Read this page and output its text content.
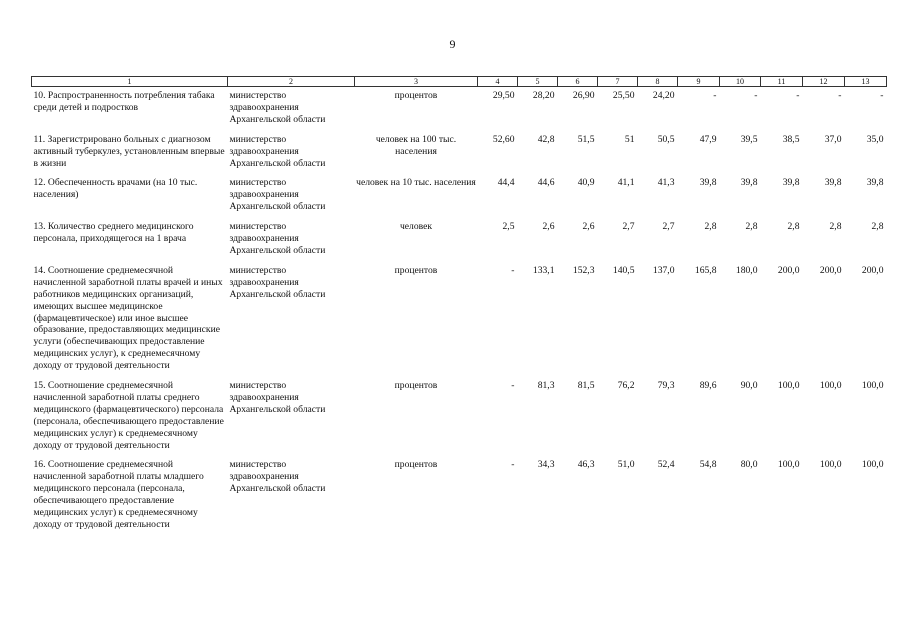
9
1	2	3	4	5	6	7	8	9	10	11	12	13
10. Распространенность потребления табака среди детей и подростков	министерство здравоохранения Архангельской области	процентов	29,50	28,20	26,90	25,50	24,20	-	-	-	-	-
11. Зарегистрировано больных с диагнозом активный туберкулез, установленным впервые в жизни	министерство здравоохранения Архангельской области	человек на 100 тыс. населения	52,60	42,8	51,5	51	50,5	47,9	39,5	38,5	37,0	35,0
12. Обеспеченность врачами (на 10 тыс. населения)	министерство здравоохранения Архангельской области	человек на 10 тыс. населения	44,4	44,6	40,9	41,1	41,3	39,8	39,8	39,8	39,8	39,8
13. Количество среднего медицинского персонала, приходящегося на 1 врача	министерство здравоохранения Архангельской области	человек	2,5	2,6	2,6	2,7	2,7	2,8	2,8	2,8	2,8	2,8
14. Соотношение среднемесячной начисленной заработной платы врачей и иных работников медицинских организаций, имеющих высшее медицинское (фармацевтическое) или иное высшее образование, предоставляющих медицинские услуги (обеспечивающих предоставление медицинских услуг), к среднемесячному доходу от трудовой деятельности	министерство здравоохранения Архангельской области	процентов	-	133,1	152,3	140,5	137,0	165,8	180,0	200,0	200,0	200,0
15. Соотношение среднемесячной начисленной заработной платы среднего медицинского (фармацевтического) персонала (персонала, обеспечивающего предоставление медицинских услуг) к среднемесячному доходу от трудовой деятельности	министерство здравоохранения Архангельской области	процентов	-	81,3	81,5	76,2	79,3	89,6	90,0	100,0	100,0	100,0
16. Соотношение среднемесячной начисленной заработной платы младшего медицинского персонала (персонала, обеспечивающего предоставление медицинских услуг) к среднемесячному доходу от трудовой деятельности	министерство здравоохранения Архангельской области	процентов	-	34,3	46,3	51,0	52,4	54,8	80,0	100,0	100,0	100,0
